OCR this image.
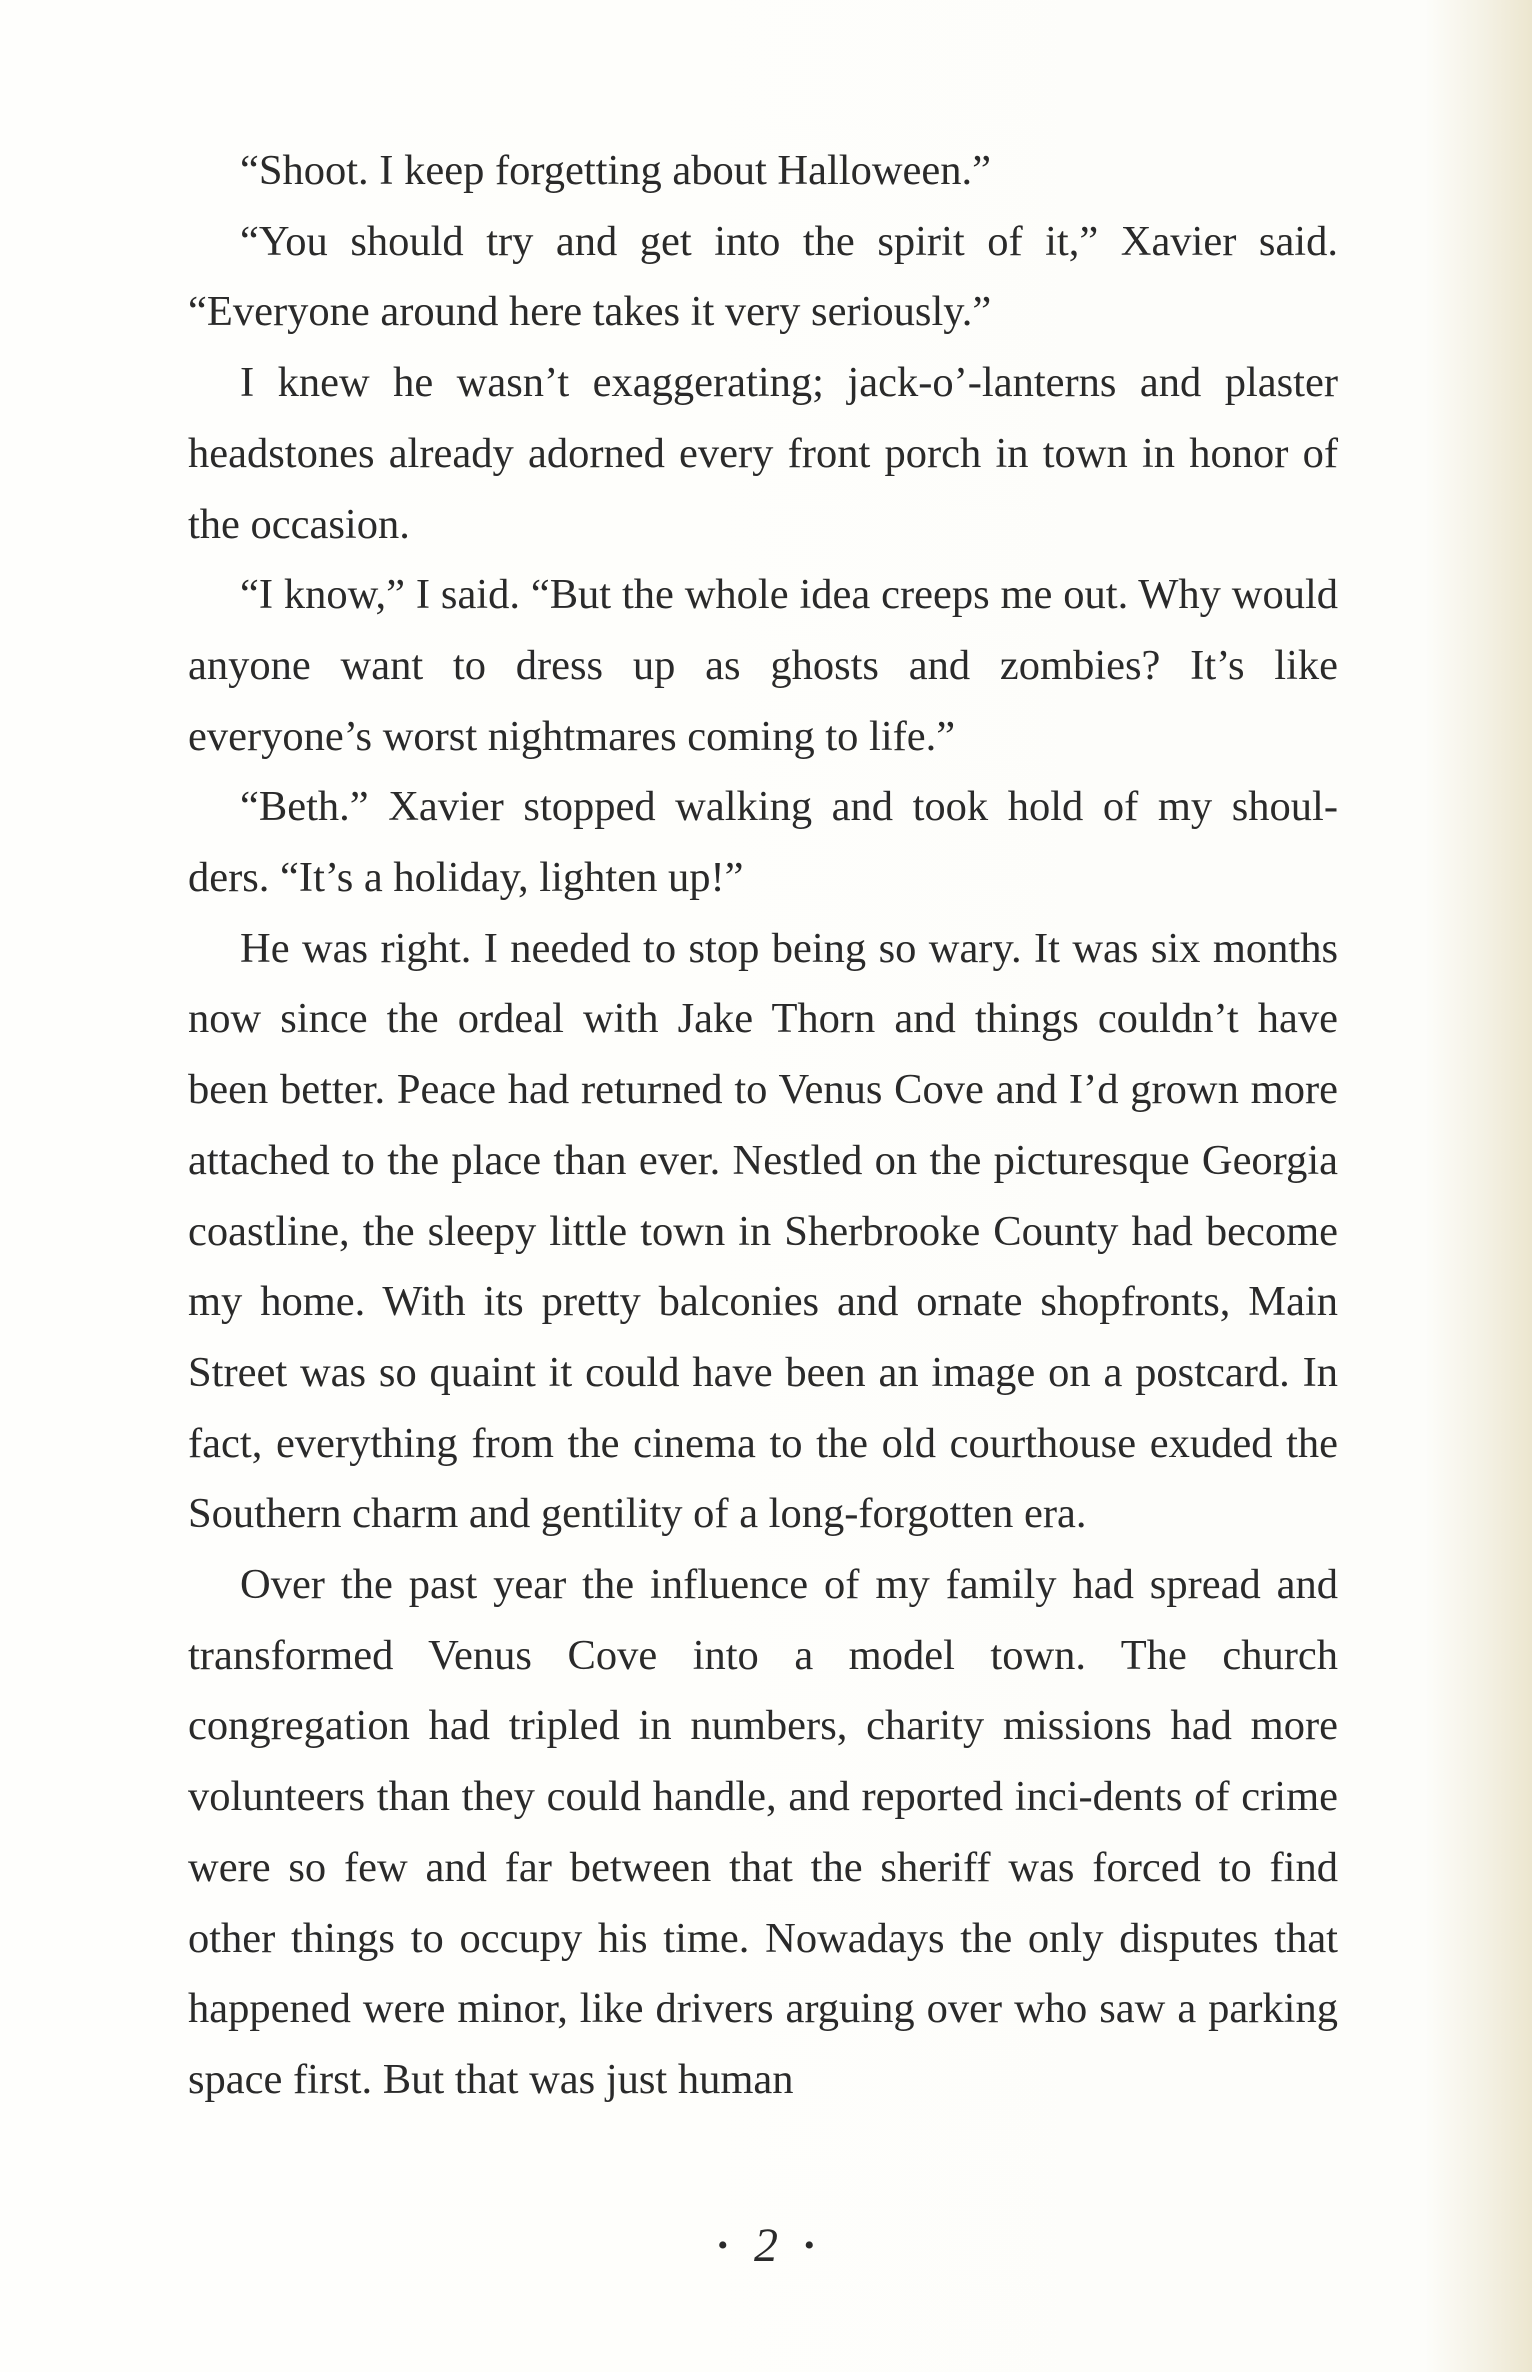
“Shoot. I keep forgetting about Halloween.”

“You should try and get into the spirit of it,” Xavier said. “Everyone around here takes it very seriously.”

I knew he wasn’t exaggerating; jack-o’-lanterns and plaster headstones already adorned every front porch in town in honor of the occasion.

“I know,” I said. “But the whole idea creeps me out. Why would anyone want to dress up as ghosts and zombies? It’s like everyone’s worst nightmares coming to life.”

“Beth.” Xavier stopped walking and took hold of my shoul-ders. “It’s a holiday, lighten up!”

He was right. I needed to stop being so wary. It was six months now since the ordeal with Jake Thorn and things couldn’t have been better. Peace had returned to Venus Cove and I’d grown more attached to the place than ever. Nestled on the picturesque Georgia coastline, the sleepy little town in Sherbrooke County had become my home. With its pretty balconies and ornate shopfronts, Main Street was so quaint it could have been an image on a postcard. In fact, everything from the cinema to the old courthouse exuded the Southern charm and gentility of a long-forgotten era.

Over the past year the influence of my family had spread and transformed Venus Cove into a model town. The church congregation had tripled in numbers, charity missions had more volunteers than they could handle, and reported inci-dents of crime were so few and far between that the sheriff was forced to find other things to occupy his time. Nowadays the only disputes that happened were minor, like drivers arguing over who saw a parking space first. But that was just human

• 2 •
